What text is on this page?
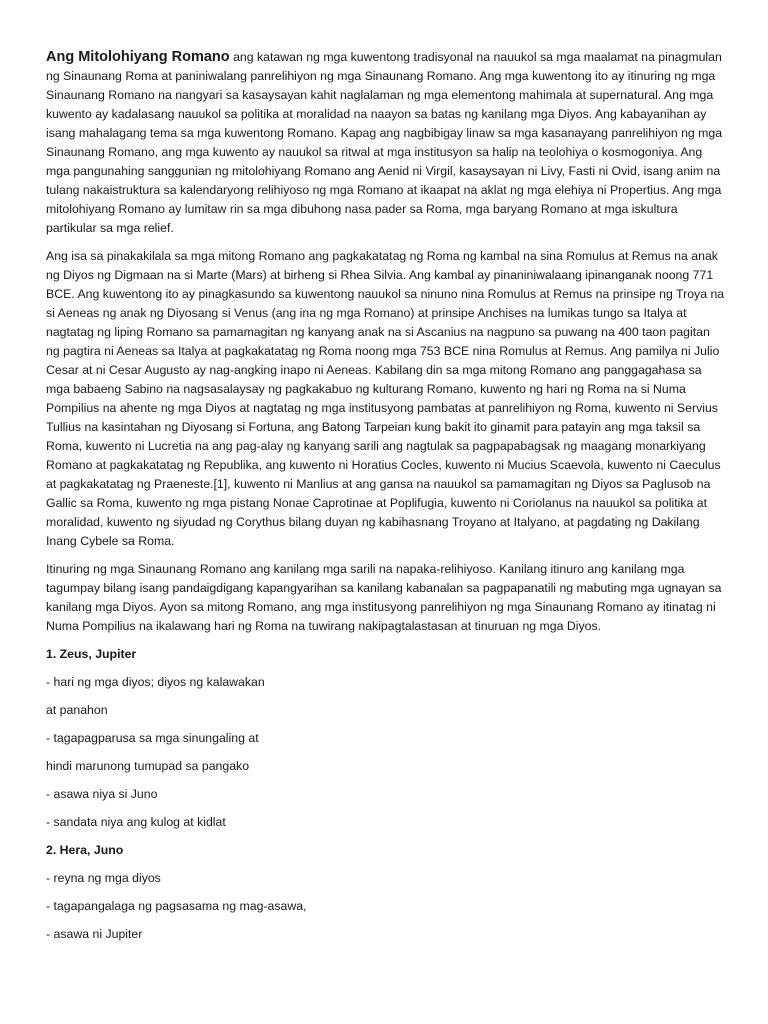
Ang Mitolohiyang Romano ang katawan ng mga kuwentong tradisyonal na nauukol sa mga maalamat na pinagmulan ng Sinaunang Roma at paniniwalang panrelihiyon ng mga Sinaunang Romano. Ang mga kuwentong ito ay itinuring ng mga Sinaunang Romano na nangyari sa kasaysayan kahit naglalaman ng mga elementong mahimala at supernatural. Ang mga kuwento ay kadalasang nauukol sa politika at moralidad na naayon sa batas ng kanilang mga Diyos. Ang kabayanihan ay isang mahalagang tema sa mga kuwentong Romano. Kapag ang nagbibigay linaw sa mga kasanayang panrelihiyon ng mga Sinaunang Romano, ang mga kuwento ay nauukol sa ritwal at mga institusyon sa halip na teolohiya o kosmogoniya. Ang mga pangunahing sanggunian ng mitolohiyang Romano ang Aenid ni Virgil, kasaysayan ni Livy, Fasti ni Ovid, isang anim na tulang nakaistruktura sa kalendaryong relihiyoso ng mga Romano at ikaapat na aklat ng mga elehiya ni Propertius. Ang mga mitolohiyang Romano ay lumitaw rin sa mga dibuhong nasa pader sa Roma, mga baryang Romano at mga iskultura partikular sa mga relief.

Ang isa sa pinakakilala sa mga mitong Romano ang pagkakatatag ng Roma ng kambal na sina Romulus at Remus na anak ng Diyos ng Digmaan na si Marte (Mars) at birheng si Rhea Silvia. Ang kambal ay pinaniniwalaang ipinanganak noong 771 BCE. Ang kuwentong ito ay pinagkasundo sa kuwentong nauukol sa ninuno nina Romulus at Remus na prinsipe ng Troya na si Aeneas ng anak ng Diyosang si Venus (ang ina ng mga Romano) at prinsipe Anchises na lumikas tungo sa Italya at nagtatag ng liping Romano sa pamamagitan ng kanyang anak na si Ascanius na nagpuno sa puwang na 400 taon pagitan ng pagtira ni Aeneas sa Italya at pagkakatatag ng Roma noong mga 753 BCE nina Romulus at Remus. Ang pamilya ni Julio Cesar at ni Cesar Augusto ay nag-angking inapo ni Aeneas. Kabilang din sa mga mitong Romano ang panggagahasa sa mga babaeng Sabino na nagsasalaysay ng pagkakabuo ng kulturang Romano, kuwento ng hari ng Roma na si Numa Pompilius na ahente ng mga Diyos at nagtatag ng mga institusyong pambatas at panrelihiyon ng Roma, kuwento ni Servius Tullius na kasintahan ng Diyosang si Fortuna, ang Batong Tarpeian kung bakit ito ginamit para patayin ang mga taksil sa Roma, kuwento ni Lucretia na ang pag-alay ng kanyang sarili ang nagtulak sa pagpapabagsak ng maagang monarkiyang Romano at pagkakatatag ng Republika, ang kuwento ni Horatius Cocles, kuwento ni Mucius Scaevola, kuwento ni Caeculus at pagkakatatag ng Praeneste.[1], kuwento ni Manlius at ang gansa na nauukol sa pamamagitan ng Diyos sa Paglusob na Gallic sa Roma, kuwento ng mga pistang Nonae Caprotinae at Poplifugia, kuwento ni Coriolanus na nauukol sa politika at moralidad, kuwento ng siyudad ng Corythus bilang duyan ng kabihasnang Troyano at Italyano, at pagdating ng Dakilang Inang Cybele sa Roma.

Itinuring ng mga Sinaunang Romano ang kanilang mga sarili na napaka-relihiyoso. Kanilang itinuro ang kanilang mga tagumpay bilang isang pandaigdigang kapangyarihan sa kanilang kabanalan sa pagpapanatili ng mabuting mga ugnayan sa kanilang mga Diyos. Ayon sa mitong Romano, ang mga institusyong panrelihiyon ng mga Sinaunang Romano ay itinatag ni Numa Pompilius na ikalawang hari ng Roma na tuwirang nakipagtalastasan at tinuruan ng mga Diyos.

1. Zeus, Jupiter

- hari ng mga diyos; diyos ng kalawakan

at panahon

- tagapagparusa sa mga sinungaling at

hindi marunong tumupad sa pangako

- asawa niya si Juno

- sandata niya ang kulog at kidlat

2. Hera, Juno

- reyna ng mga diyos

- tagapangalaga ng pagsasama ng mag-asawa,

- asawa ni Jupiter
